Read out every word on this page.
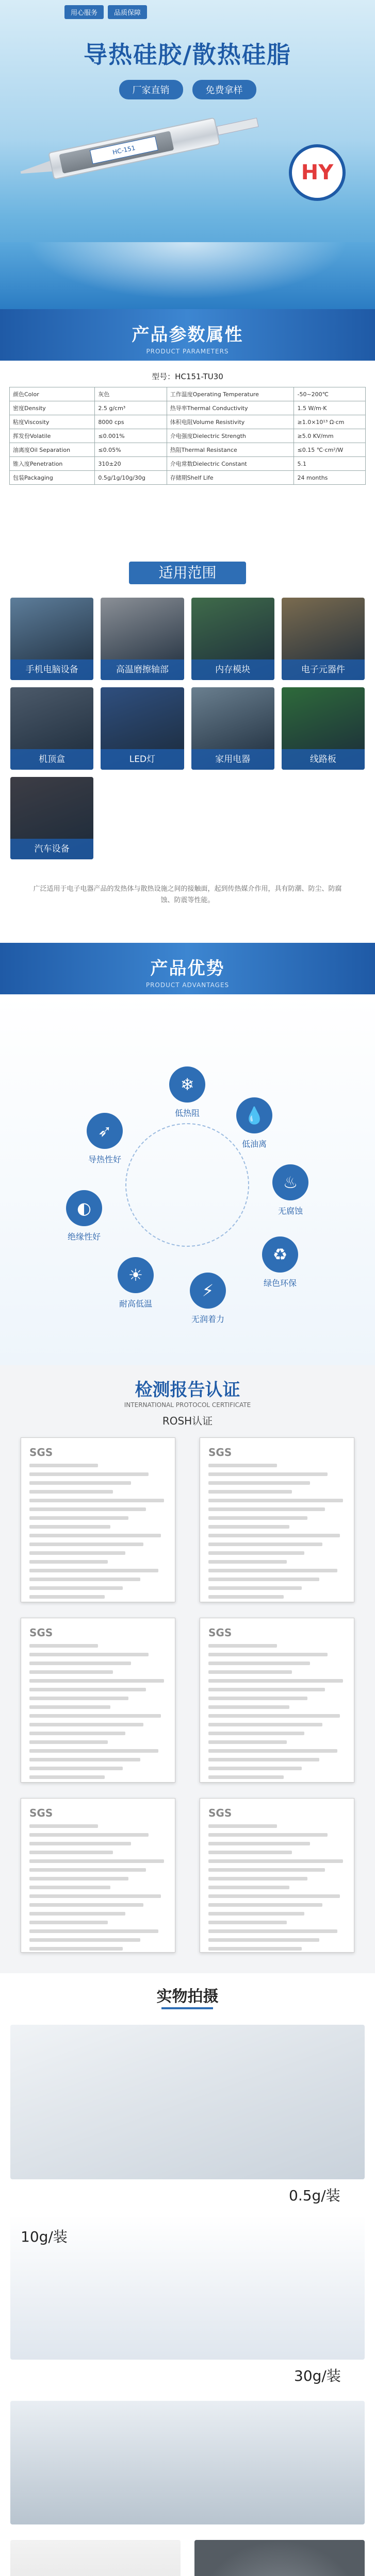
用心服务	品质保障
导热硅胶/散热硅脂
厂家直销	免费拿样
HC-151
HY
产品参数属性
PRODUCT PARAMETERS
型号：HC151-TU30
颜色Color	灰色	工作温度Operating Temperature	-50~200℃
密度Density	2.5 g/cm³	热导率Thermal Conductivity	1.5 W/m·K
粘度Viscosity	8000 cps	体积电阻Volume Resistivity	≥1.0×10¹³ Ω·cm
挥发份Volatile	≤0.001%	介电强度Dielectric Strength	≥5.0 KV/mm
油离度Oil Separation	≤0.05%	热阻Thermal Resistance	≤0.15 ℃·cm²/W
锥入度Penetration	310±20	介电常数Dielectric Constant	5.1
包装Packaging	0.5g/1g/10g/30g	存储期Shelf Life	24 months
适用范围
手机电脑设备	高温磨擦轴部	内存模块	电子元器件
机顶盒	LED灯	家用电器
汽车设备
线路板
广泛适用于电子电器产品的发热体与散热设施之间的接触面，起到传热媒介作用，具有防潮、防尘、防腐蚀、防震等性能。
产品优势
PRODUCT ADVANTAGES
❄
低热阻	💧
低油离
♨
无腐蚀
♻
绿色环保
⚡
无润着力
☀
耐高低温
◐
绝缘性好
➶
导热性好
检测报告认证
INTERNATIONAL PROTOCOL CERTIFICATE
ROSH认证
SGS	SGS
SGS	SGS
SGS	SGS
实物拍摄
0.5g/装
10g/装
30g/装
